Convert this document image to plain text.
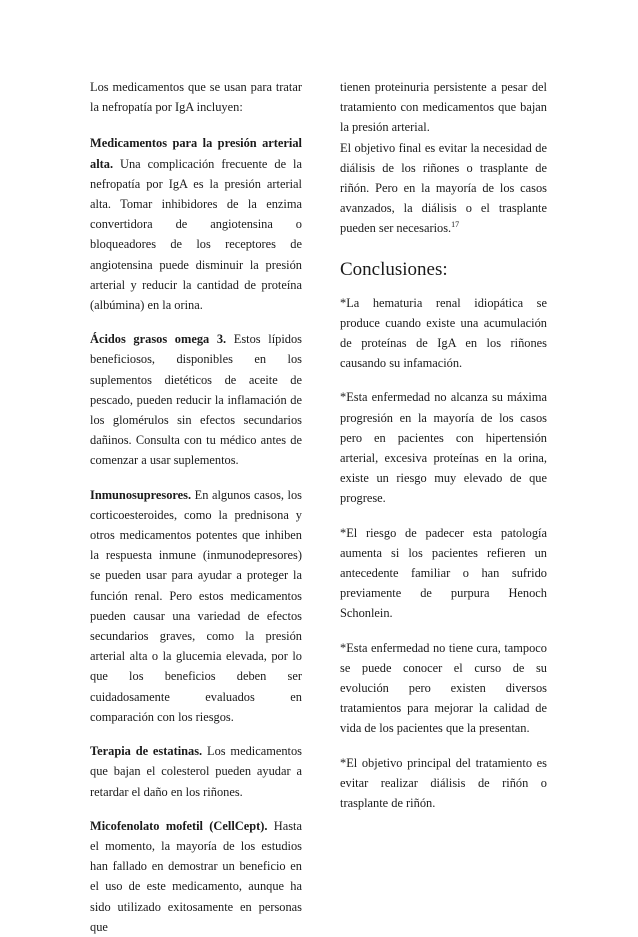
Los medicamentos que se usan para tratar la nefropatía por IgA incluyen:

Medicamentos para la presión arterial alta. Una complicación frecuente de la nefropatía por IgA es la presión arterial alta. Tomar inhibidores de la enzima convertidora de angiotensina o bloqueadores de los receptores de angiotensina puede disminuir la presión arterial y reducir la cantidad de proteína (albúmina) en la orina.

Ácidos grasos omega 3. Estos lípidos beneficiosos, disponibles en los suplementos dietéticos de aceite de pescado, pueden reducir la inflamación de los glomérulos sin efectos secundarios dañinos. Consulta con tu médico antes de comenzar a usar suplementos.

Inmunosupresores. En algunos casos, los corticoesteroides, como la prednisona y otros medicamentos potentes que inhiben la respuesta inmune (inmunodepresores) se pueden usar para ayudar a proteger la función renal. Pero estos medicamentos pueden causar una variedad de efectos secundarios graves, como la presión arterial alta o la glucemia elevada, por lo que los beneficios deben ser cuidadosamente evaluados en comparación con los riesgos.

Terapia de estatinas. Los medicamentos que bajan el colesterol pueden ayudar a retardar el daño en los riñones.

Micofenolato mofetil (CellCept). Hasta el momento, la mayoría de los estudios han fallado en demostrar un beneficio en el uso de este medicamento, aunque ha sido utilizado exitosamente en personas que

tienen proteinuria persistente a pesar del tratamiento con medicamentos que bajan la presión arterial.

El objetivo final es evitar la necesidad de diálisis de los riñones o trasplante de riñón. Pero en la mayoría de los casos avanzados, la diálisis o el trasplante pueden ser necesarios.$^{17}$

Conclusiones:

*La hematuria renal idiopática se produce cuando existe una acumulación de proteínas de IgA en los riñones causando su infamación.

*Esta enfermedad no alcanza su máxima progresión en la mayoría de los casos pero en pacientes con hipertensión arterial, excesiva proteínas en la orina, existe un riesgo muy elevado de que progrese.

*El riesgo de padecer esta patología aumenta si los pacientes refieren un antecedente familiar o han sufrido previamente de purpura Henoch Schonlein.

*Esta enfermedad no tiene cura, tampoco se puede conocer el curso de su evolución pero existen diversos tratamientos para mejorar la calidad de vida de los pacientes que la presentan.

*El objetivo principal del tratamiento es evitar realizar diálisis de riñón o trasplante de riñón.
